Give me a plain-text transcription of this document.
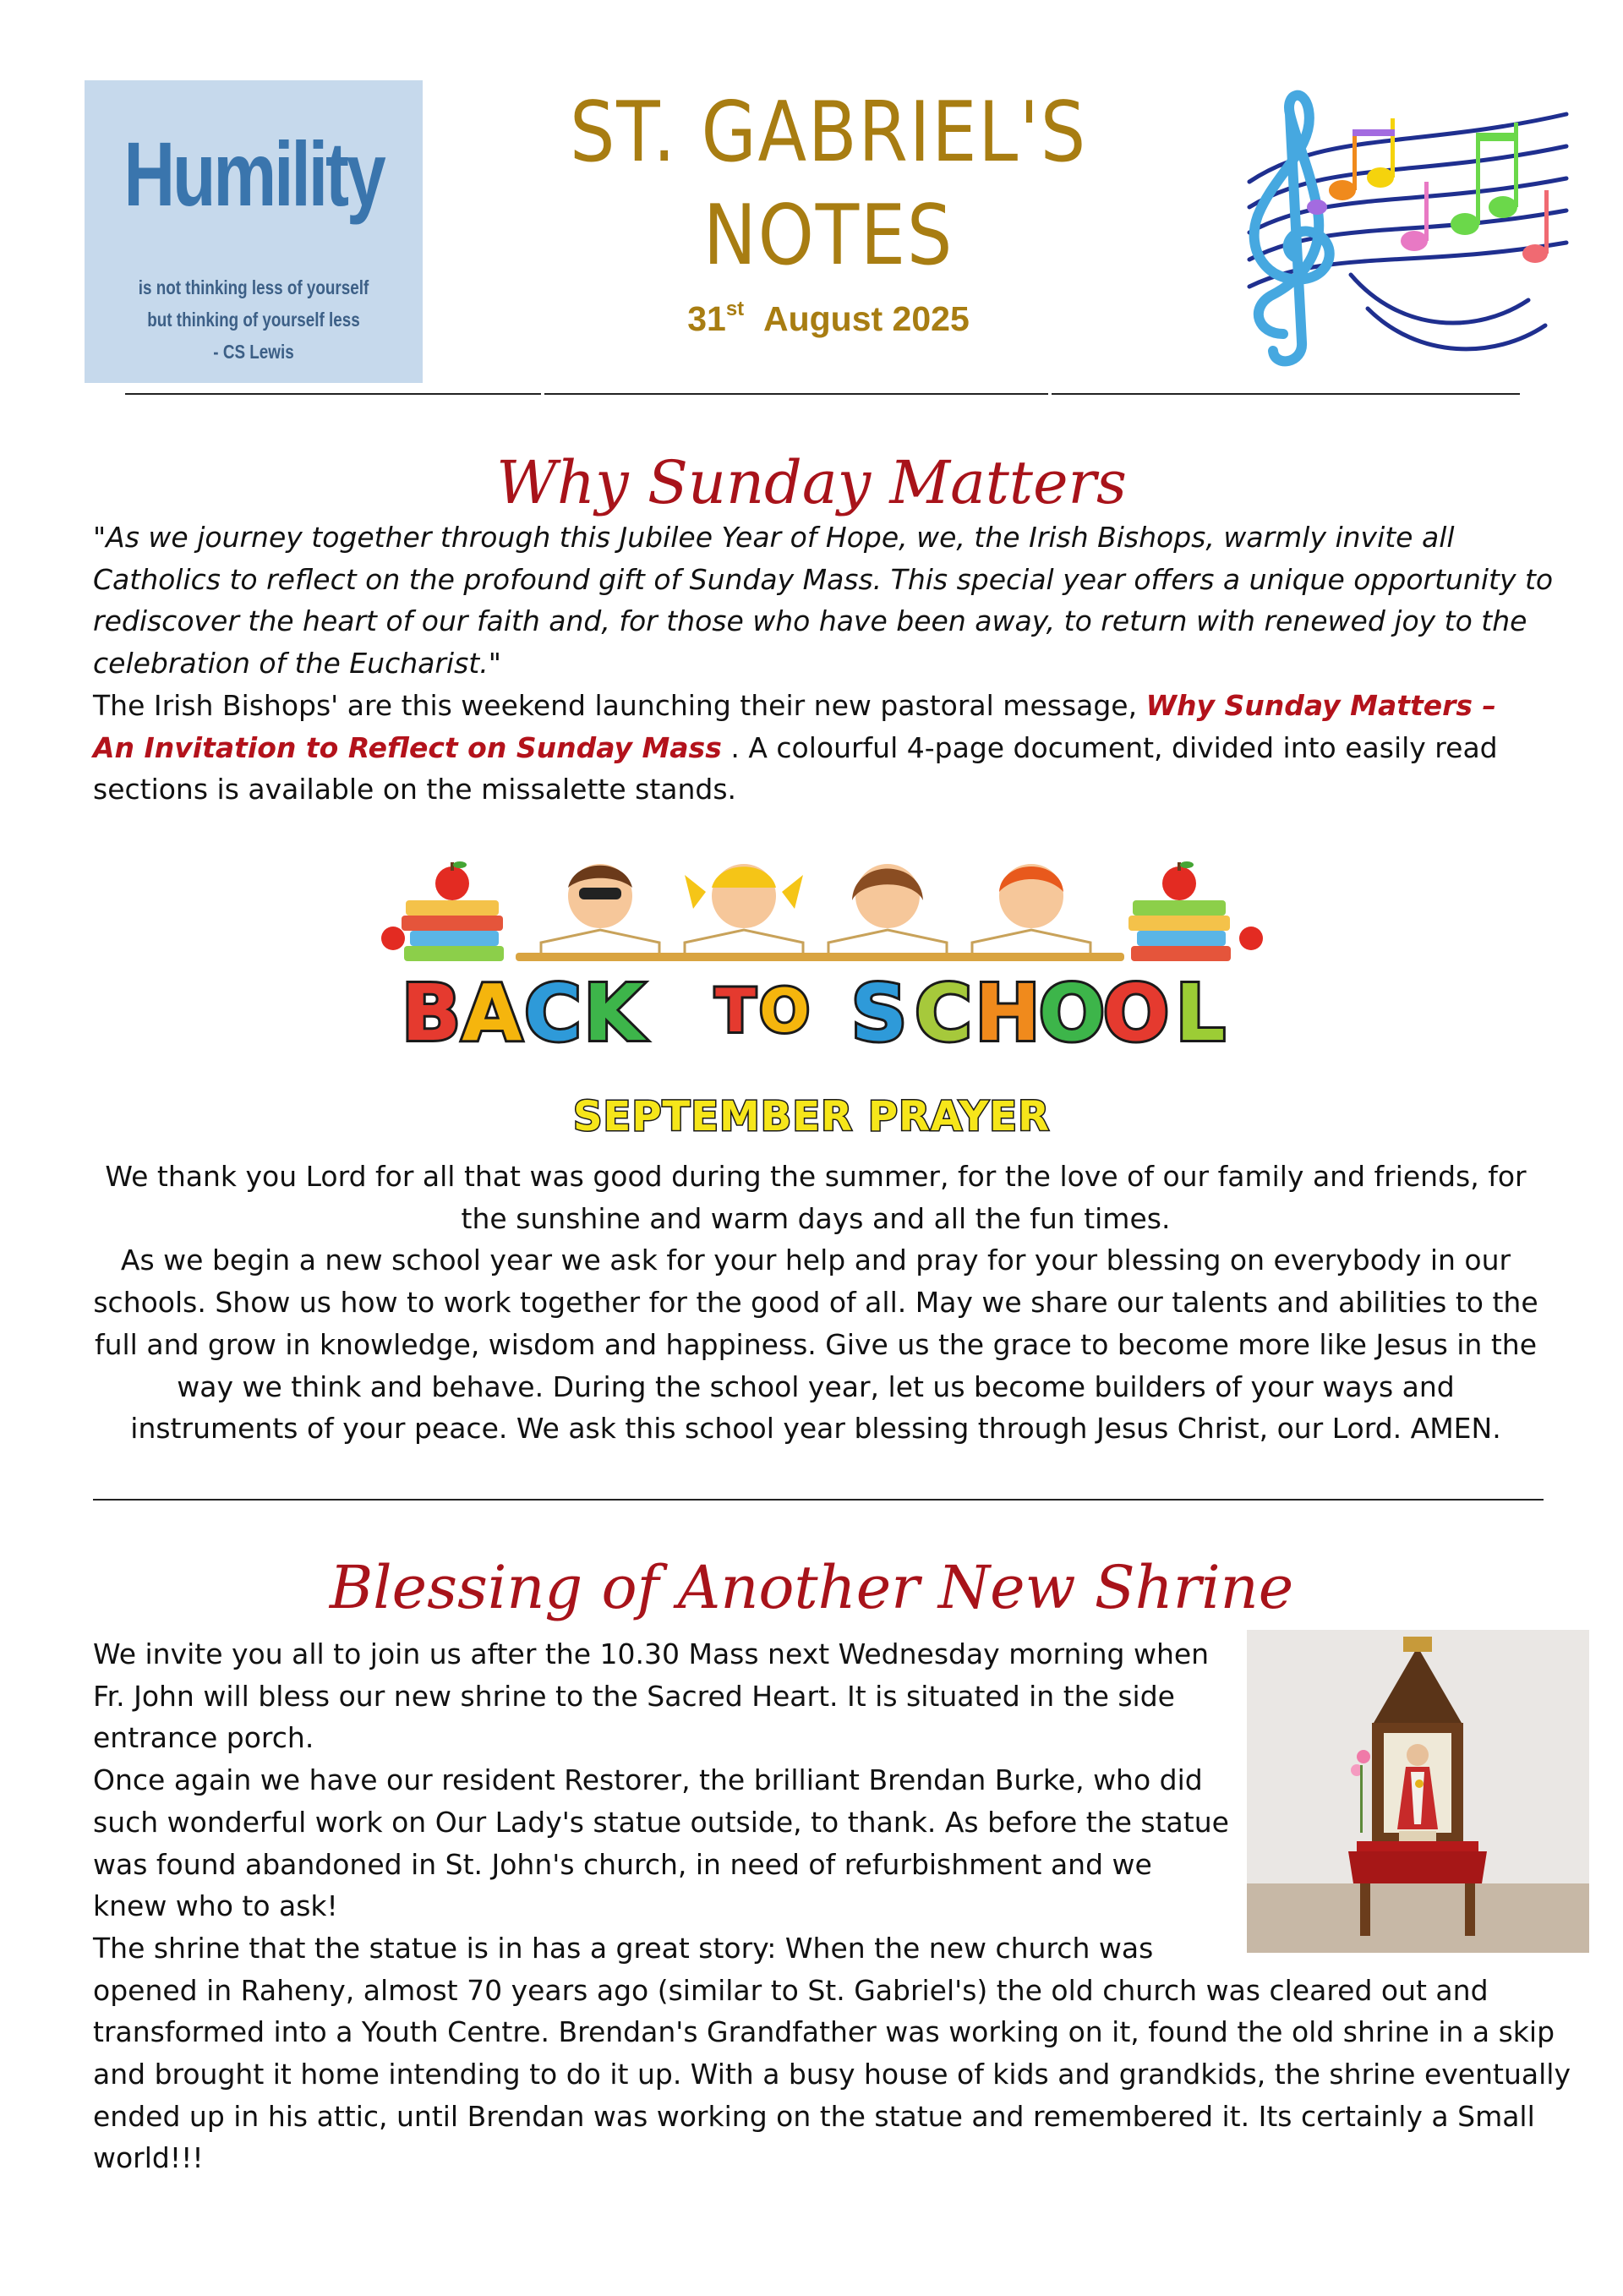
Humility
is not thinking less of yourself
but thinking of yourself less
- CS Lewis
ST. GABRIEL'S
NOTES
31st August 2025
Why Sunday Matters
"As we journey together through this Jubilee Year of Hope, we, the Irish Bishops, warmly invite all Catholics to reflect on the profound gift of Sunday Mass. This special year offers a unique opportunity to rediscover the heart of our faith and, for those who have been away, to return with renewed joy to the celebration of the Eucharist."
The Irish Bishops' are this weekend launching their new pastoral message, Why Sunday Matters – An Invitation to Reflect on Sunday Mass . A colourful 4-page document, divided into easily read sections is available on the missalette stands.
BACK TO SCHOOL
SEPTEMBER PRAYER
We thank you Lord for all that was good during the summer, for the love of our family and friends, for the sunshine and warm days and all the fun times.
As we begin a new school year we ask for your help and pray for your blessing on everybody in our schools. Show us how to work together for the good of all. May we share our talents and abilities to the full and grow in knowledge, wisdom and happiness. Give us the grace to become more like Jesus in the way we think and behave. During the school year, let us become builders of your ways and instruments of your peace. We ask this school year blessing through Jesus Christ, our Lord. AMEN.
Blessing of Another New Shrine
We invite you all to join us after the 10.30 Mass next Wednesday morning when Fr. John will bless our new shrine to the Sacred Heart. It is situated in the side entrance porch.
Once again we have our resident Restorer, the brilliant Brendan Burke, who did such wonderful work on Our Lady's statue outside, to thank. As before the statue was found abandoned in St. John's church, in need of refurbishment and we knew who to ask!
The shrine that the statue is in has a great story: When the new church was opened in Raheny, almost 70 years ago (similar to St. Gabriel's) the old church was cleared out and transformed into a Youth Centre. Brendan's Grandfather was working on it, found the old shrine in a skip and brought it home intending to do it up. With a busy house of kids and grandkids, the shrine eventually ended up in his attic, until Brendan was working on the statue and remembered it. Its certainly a Small world!!!
